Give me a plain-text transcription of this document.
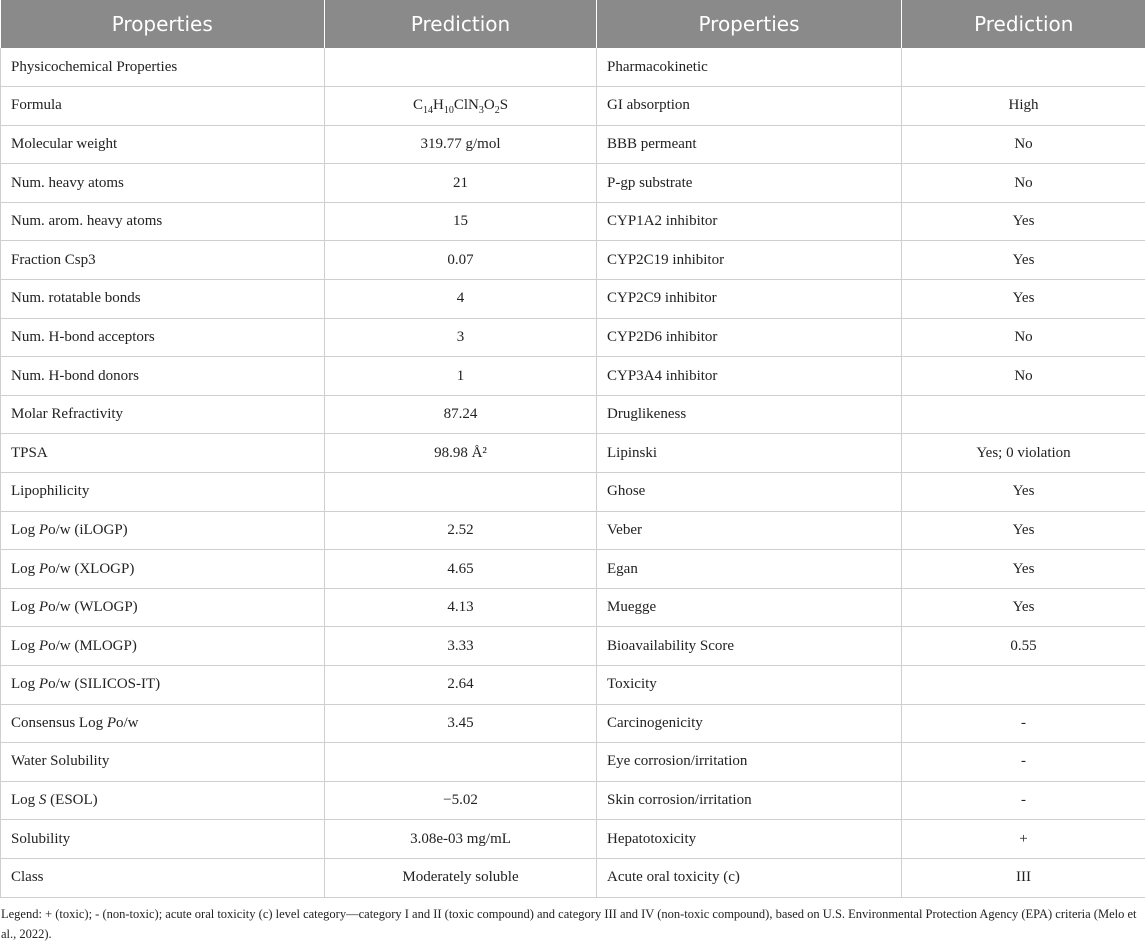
Properties	Prediction	Properties	Prediction
Physicochemical Properties		Pharmacokinetic	
Formula	$C_{14}H_{10}ClN_3O_2S$	GI absorption	High
Molecular weight	319.77 g/mol	BBB permeant	No
Num. heavy atoms	21	P-gp substrate	No
Num. arom. heavy atoms	15	CYP1A2 inhibitor	Yes
Fraction Csp3	0.07	CYP2C19 inhibitor	Yes
Num. rotatable bonds	4	CYP2C9 inhibitor	Yes
Num. H-bond acceptors	3	CYP2D6 inhibitor	No
Num. H-bond donors	1	CYP3A4 inhibitor	No
Molar Refractivity	87.24	Druglikeness	
TPSA	98.98 Å²	Lipinski	Yes; 0 violation
Lipophilicity		Ghose	Yes
Log Po/w (iLOGP)	2.52	Veber	Yes
Log Po/w (XLOGP)	4.65	Egan	Yes
Log Po/w (WLOGP)	4.13	Muegge	Yes
Log Po/w (MLOGP)	3.33	Bioavailability Score	0.55
Log Po/w (SILICOS-IT)	2.64	Toxicity	
Consensus Log Po/w	3.45	Carcinogenicity	-
Water Solubility		Eye corrosion/irritation	-
Log S (ESOL)	−5.02	Skin corrosion/irritation	-
Solubility	3.08e-03 mg/mL	Hepatotoxicity	+
Class	Moderately soluble	Acute oral toxicity (c)	III
Legend: + (toxic); - (non-toxic); acute oral toxicity (c) level category—category I and II (toxic compound) and category III and IV (non-toxic compound), based on U.S. Environmental Protection Agency (EPA) criteria (Melo et al., 2022).
